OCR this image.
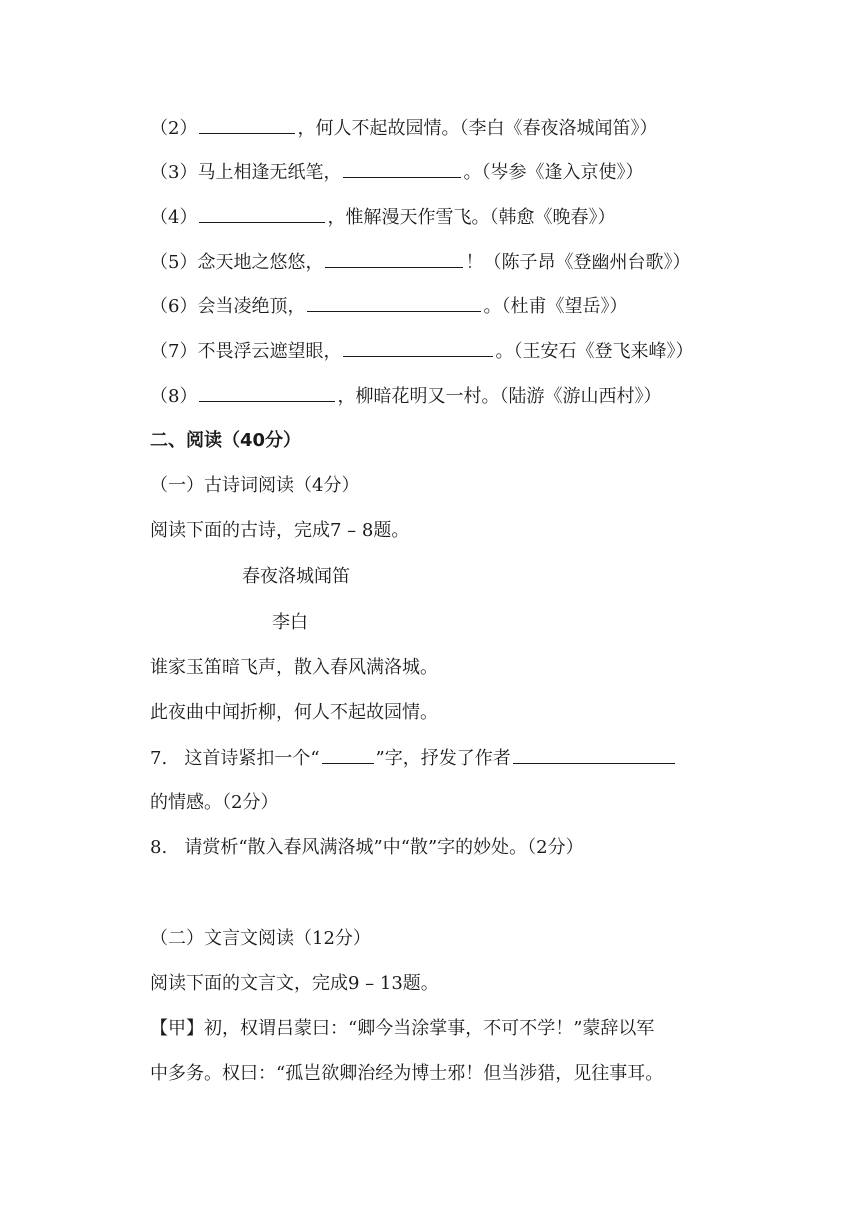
（2）	，何人不起故园情。（李白《春夜洛城闻笛》）
（3）马上相逢无纸笔，	。（岑参《逢入京使》）
（4）	，惟解漫天作雪飞。（韩愈《晚春》）
（5）念天地之悠悠，	！（陈子昂《登幽州台歌》）
（6）会当凌绝顶，	。（杜甫《望岳》）
（7）不畏浮云遮望眼，	。（王安石《登飞来峰》）
（8）	，柳暗花明又一村。（陆游《游山西村》）
二、阅读（40分）
（一）古诗词阅读（4分）
阅读下面的古诗，完成7 – 8题。
春夜洛城闻笛
李白
谁家玉笛暗飞声，散入春风满洛城。
此夜曲中闻折柳，何人不起故园情。
7.   这首诗紧扣一个“	”字，抒发了作者
的情感。（2分）
8.   请赏析“散入春风满洛城”中“散”字的妙处。（2分）
（二）文言文阅读（12分）
阅读下面的文言文，完成9 – 13题。
【甲】初，权谓吕蒙曰：“卿今当涂掌事，不可不学！”蒙辞以军
中多务。权曰：“孤岂欲卿治经为博士邪！但当涉猎，见往事耳。
